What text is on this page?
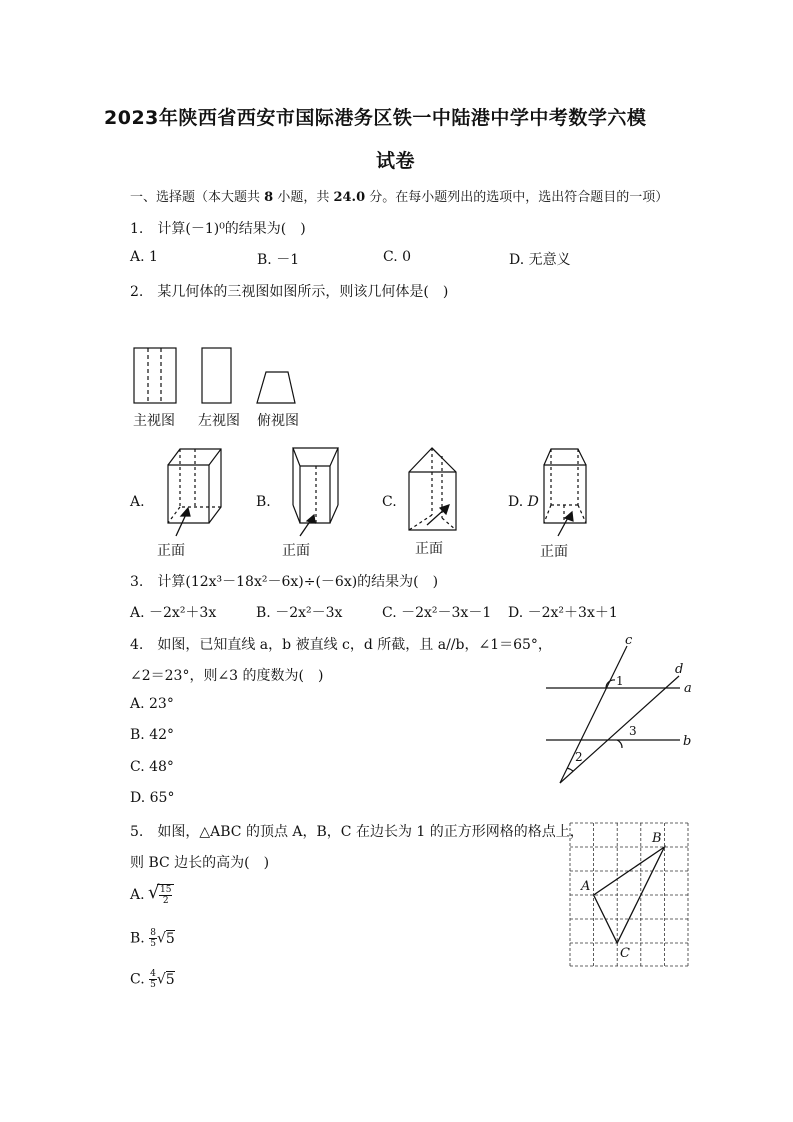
2023年陕西省西安市国际港务区铁一中陆港中学中考数学六模
试卷
一、选择题（本大题共 8 小题，共 24.0 分。在每小题列出的选项中，选出符合题目的一项）
1.　计算(－1)⁰的结果为(　)
A. 1	B. －1	C. 0	D. 无意义
2.　某几何体的三视图如图所示，则该几何体是(　)
主视图 左视图 俯视图
A.	B.	C.	D. D
正面	正面	正面	正面
3.　计算(12x³－18x²－6x)÷(－6x)的结果为(　)
A. －2x²＋3x	B. －2x²－3x	C. －2x²－3x－1 D. －2x²＋3x＋1
4.　如图，已知直线 a，b 被直线 c，d 所截，且 a//b，∠1＝65°，
∠2＝23°，则∠3 的度数为(　)
A. 23°
B. 42°
C. 48°
D. 65°
c
d
a
b
1
2
3
5.　如图，△ABC 的顶点 A，B，C 在边长为 1 的正方形网格的格点上，
则 BC 边长的高为(　)
A. √ $\frac{15}{2}$
B. $\frac{8}{5} √5$
C. $\frac{4}{5} √5$
A
B
C
